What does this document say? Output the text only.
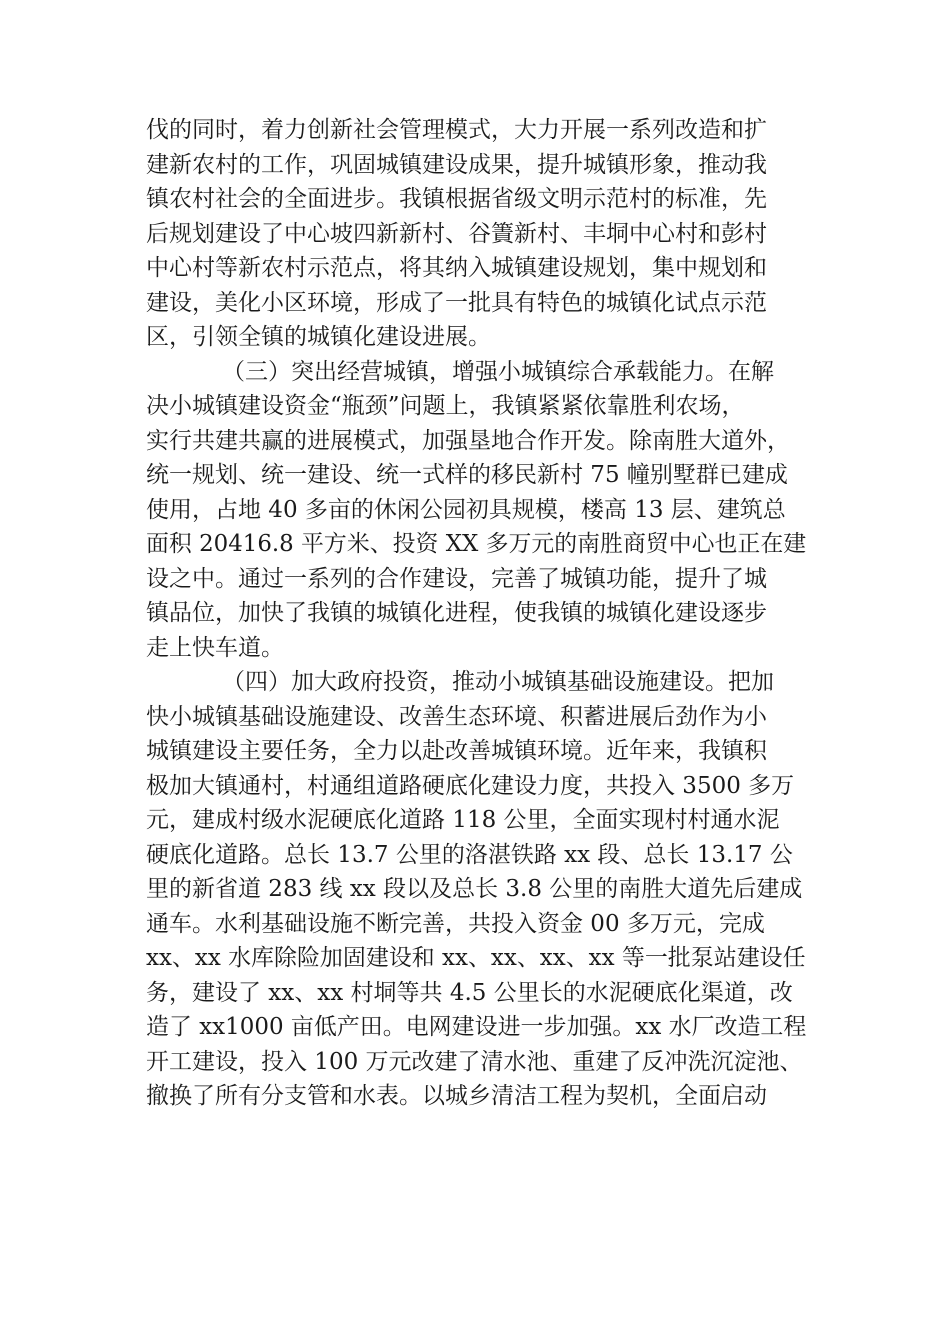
伐的同时，着力创新社会管理模式，大力开展一系列改造和扩
建新农村的工作，巩固城镇建设成果，提升城镇形象，推动我
镇农村社会的全面进步。我镇根据省级文明示范村的标准，先
后规划建设了中心坡四新新村、谷簀新村、丰垌中心村和彭村
中心村等新农村示范点，将其纳入城镇建设规划，集中规划和
建设，美化小区环境，形成了一批具有特色的城镇化试点示范
区，引领全镇的城镇化建设进展。
（三）突出经营城镇，增强小城镇综合承载能力。在解
决小城镇建设资金“瓶颈”问题上，我镇紧紧依靠胜利农场，
实行共建共赢的进展模式，加强垦地合作开发。除南胜大道外，
统一规划、统一建设、统一式样的移民新村 75 幢别墅群已建成
使用，占地 40 多亩的休闲公园初具规模，楼高 13 层、建筑总
面积 20416.8 平方米、投资 XX 多万元的南胜商贸中心也正在建
设之中。通过一系列的合作建设，完善了城镇功能，提升了城
镇品位，加快了我镇的城镇化进程，使我镇的城镇化建设逐步
走上快车道。
（四）加大政府投资，推动小城镇基础设施建设。把加
快小城镇基础设施建设、改善生态环境、积蓄进展后劲作为小
城镇建设主要任务，全力以赴改善城镇环境。近年来，我镇积
极加大镇通村，村通组道路硬底化建设力度，共投入 3500 多万
元，建成村级水泥硬底化道路 118 公里，全面实现村村通水泥
硬底化道路。总长 13.7 公里的洛湛铁路 xx 段、总长 13.17 公
里的新省道 283 线 xx 段以及总长 3.8 公里的南胜大道先后建成
通车。水利基础设施不断完善，共投入资金 00 多万元，完成
xx、xx 水库除险加固建设和 xx、xx、xx、xx 等一批泵站建设任
务，建设了 xx、xx 村垌等共 4.5 公里长的水泥硬底化渠道，改
造了 xx1000 亩低产田。电网建设进一步加强。xx 水厂改造工程
开工建设，投入 100 万元改建了清水池、重建了反冲洗沉淀池、
撤换了所有分支管和水表。以城乡清洁工程为契机，全面启动
